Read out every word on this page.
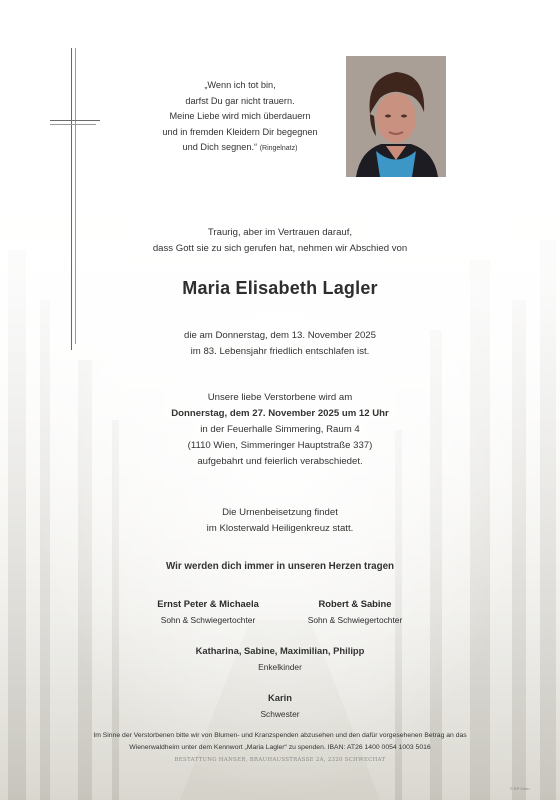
„Wenn ich tot bin,
darfst Du gar nicht trauern.
Meine Liebe wird mich überdauern
und in fremden Kleidern Dir begegnen
und Dich segnen.“ (Ringelnatz)
Traurig, aber im Vertrauen darauf,
dass Gott sie zu sich gerufen hat, nehmen wir Abschied von
Maria Elisabeth Lagler
die am Donnerstag, dem 13. November 2025
im 83. Lebensjahr friedlich entschlafen ist.
Unsere liebe Verstorbene wird am
Donnerstag, dem 27. November 2025 um 12 Uhr
in der Feuerhalle Simmering, Raum 4
(1110 Wien, Simmeringer Hauptstraße 337)
aufgebahrt und feierlich verabschiedet.
Die Urnenbeisetzung findet
im Klosterwald Heiligenkreuz statt.
Wir werden dich immer in unseren Herzen tragen
Ernst Peter & Michaela
Sohn & Schwiegertochter
Robert & Sabine
Sohn & Schwiegertochter
Katharina, Sabine, Maximilian, Philipp
Enkelkinder
Karin
Schwester
Im Sinne der Verstorbenen bitte wir von Blumen- und Kranzspenden abzusehen und den dafür vorgesehenen Betrag an das
Wienerwaldheim unter dem Kennwort „Maria Lagler“ zu spenden. IBAN: AT26 1400 0054 1003 5016
BESTATTUNG HANSER, BRAUHAUSSTRASSE 2A, 2320 SCHWECHAT
© BP Wien
